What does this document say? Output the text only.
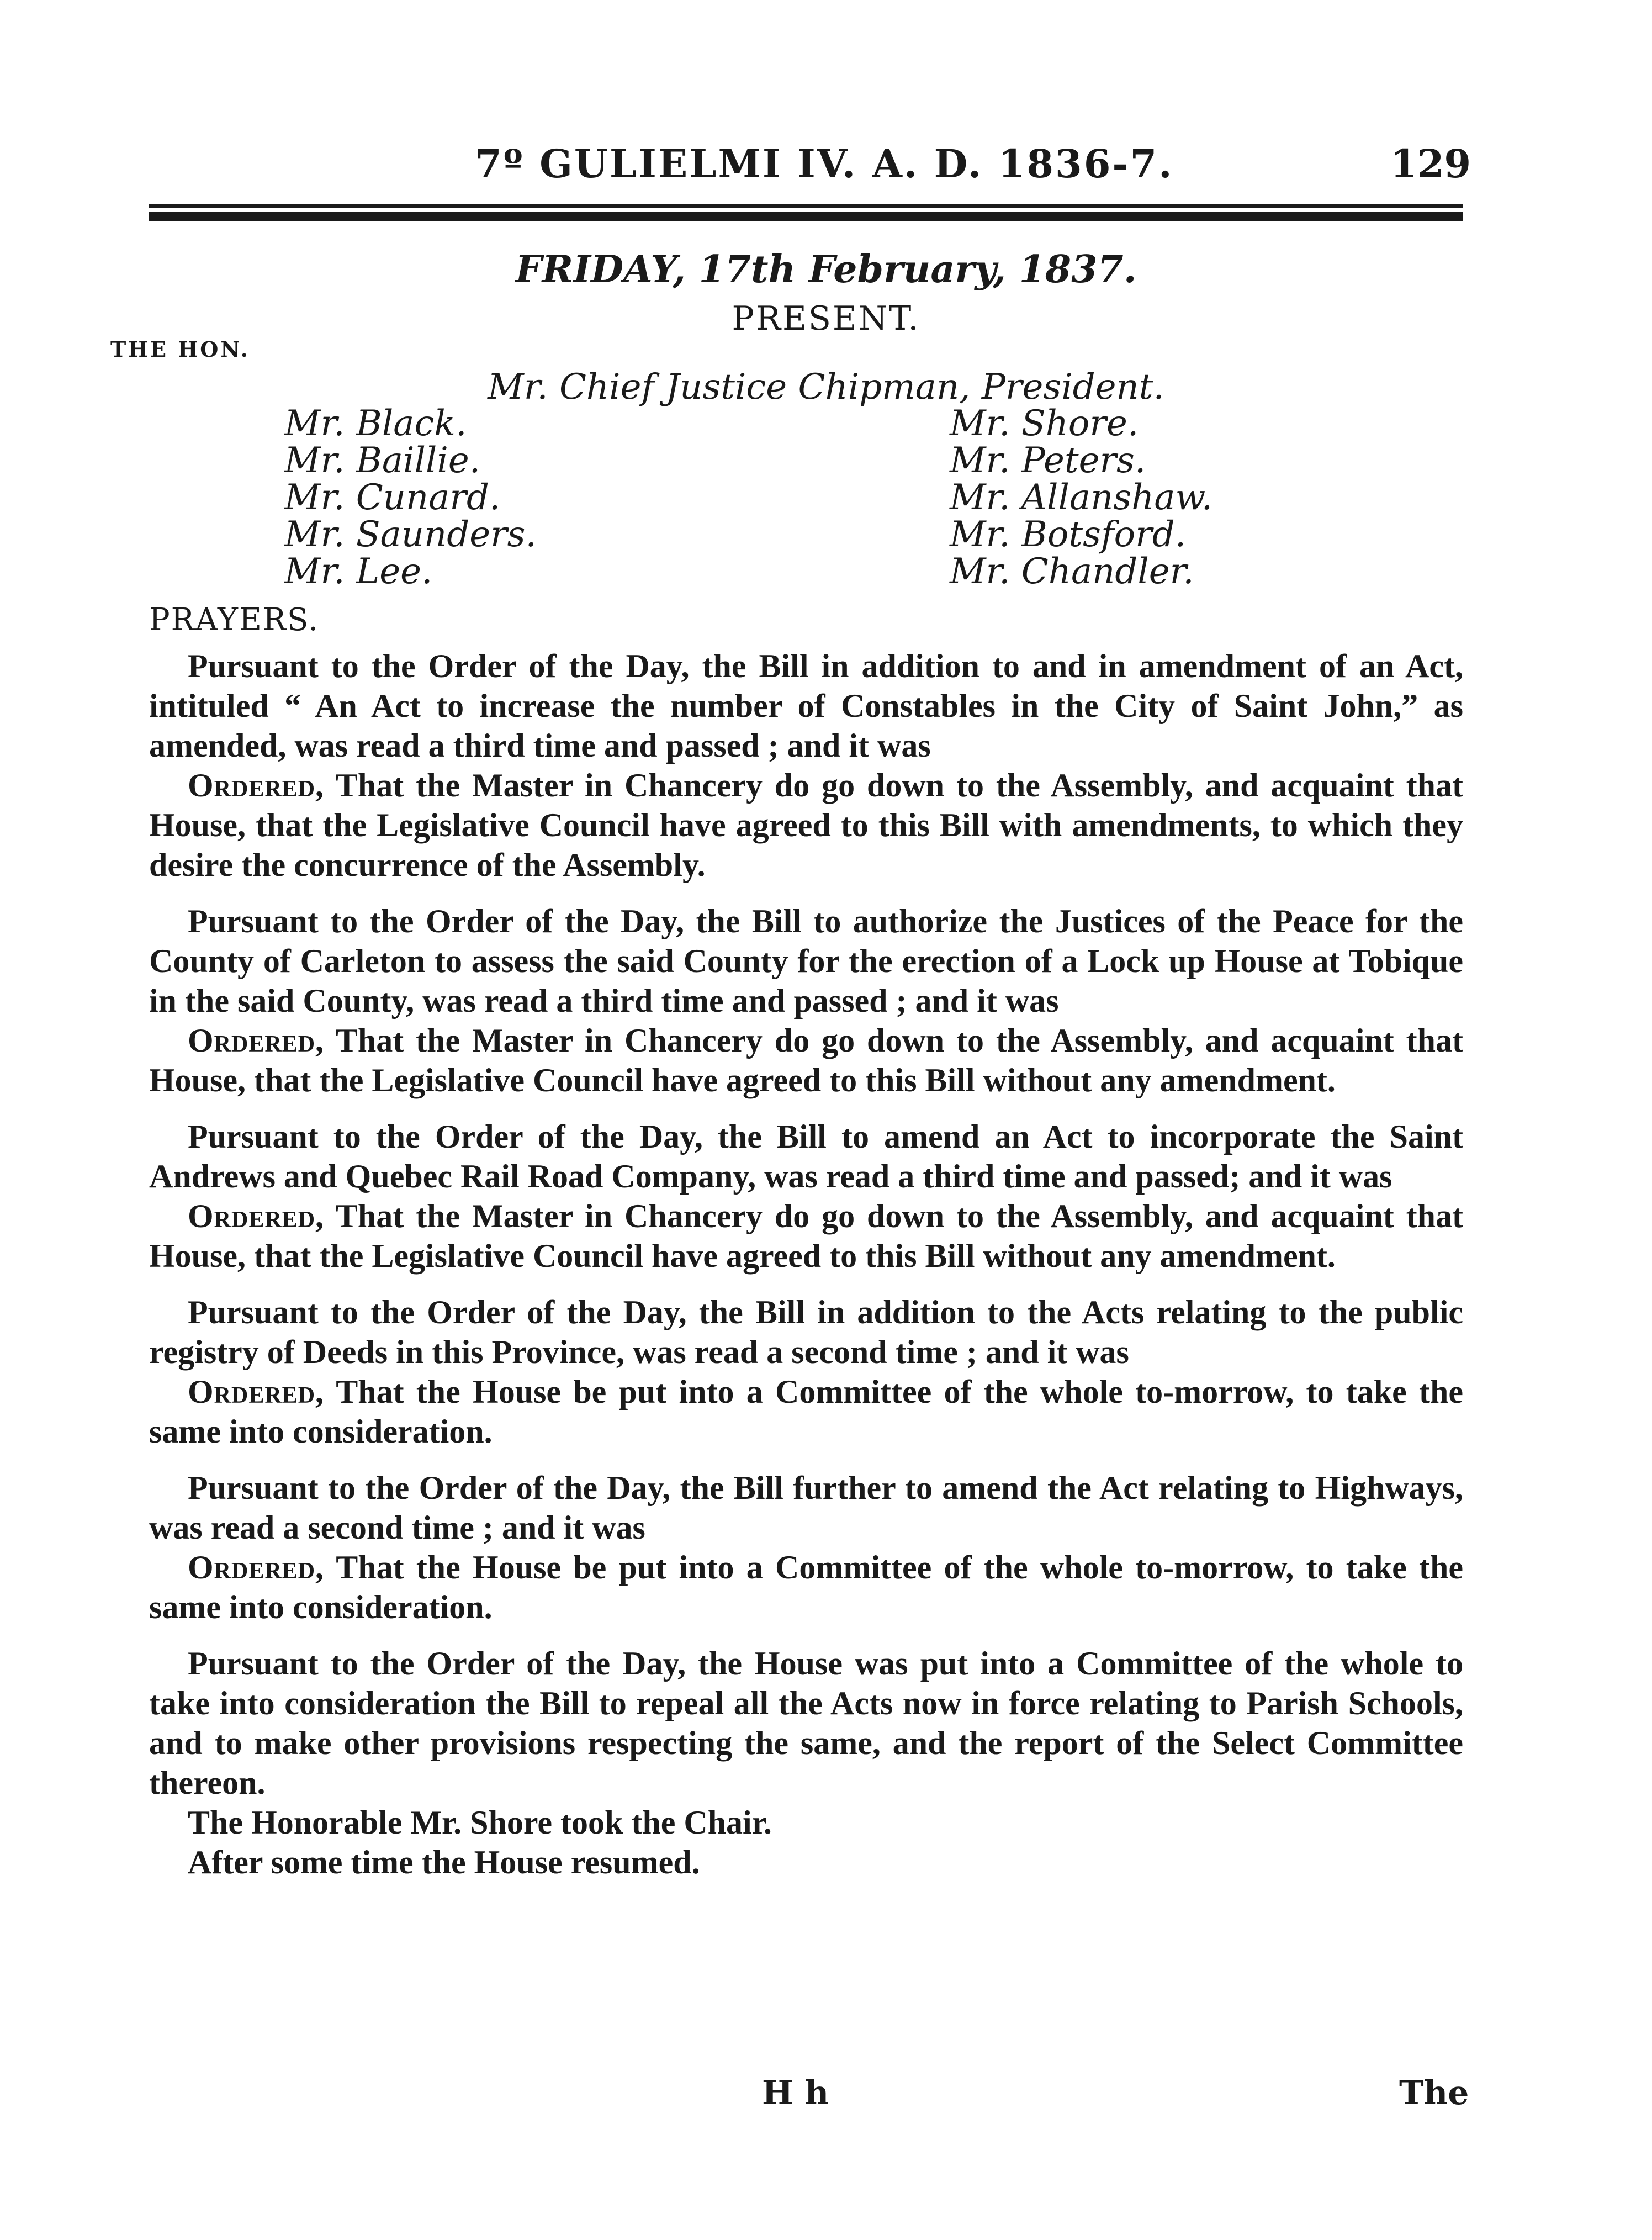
7º GULIELMI IV. A. D. 1836-7.	129
FRIDAY, 17th February, 1837.
PRESENT.
THE HON.
Mr. Chief Justice Chipman, President.
Mr. Black.
Mr. Baillie.
Mr. Cunard.
Mr. Saunders.
Mr. Lee.
Mr. Shore.
Mr. Peters.
Mr. Allanshaw.
Mr. Botsford.
Mr. Chandler.
PRAYERS.

Pursuant to the Order of the Day, the Bill in addition to and in amendment of an Act, intituled “ An Act to increase the number of Constables in the City of Saint John,” as amended, was read a third time and passed ; and it was

Ordered, That the Master in Chancery do go down to the Assembly, and acquaint that House, that the Legislative Council have agreed to this Bill with amendments, to which they desire the concurrence of the Assembly.

Pursuant to the Order of the Day, the Bill to authorize the Justices of the Peace for the County of Carleton to assess the said County for the erection of a Lock up House at Tobique in the said County, was read a third time and passed ; and it was

Ordered, That the Master in Chancery do go down to the Assembly, and acquaint that House, that the Legislative Council have agreed to this Bill without any amendment.

Pursuant to the Order of the Day, the Bill to amend an Act to incorporate the Saint Andrews and Quebec Rail Road Company, was read a third time and passed; and it was

Ordered, That the Master in Chancery do go down to the Assembly, and acquaint that House, that the Legislative Council have agreed to this Bill without any amendment.

Pursuant to the Order of the Day, the Bill in addition to the Acts relating to the public registry of Deeds in this Province, was read a second time ; and it was

Ordered, That the House be put into a Committee of the whole to-morrow, to take the same into consideration.

Pursuant to the Order of the Day, the Bill further to amend the Act relating to Highways, was read a second time ; and it was

Ordered, That the House be put into a Committee of the whole to-morrow, to take the same into consideration.

Pursuant to the Order of the Day, the House was put into a Committee of the whole to take into consideration the Bill to repeal all the Acts now in force relating to Parish Schools, and to make other provisions respecting the same, and the report of the Select Committee thereon.

The Honorable Mr. Shore took the Chair.

After some time the House resumed.

H h	The
